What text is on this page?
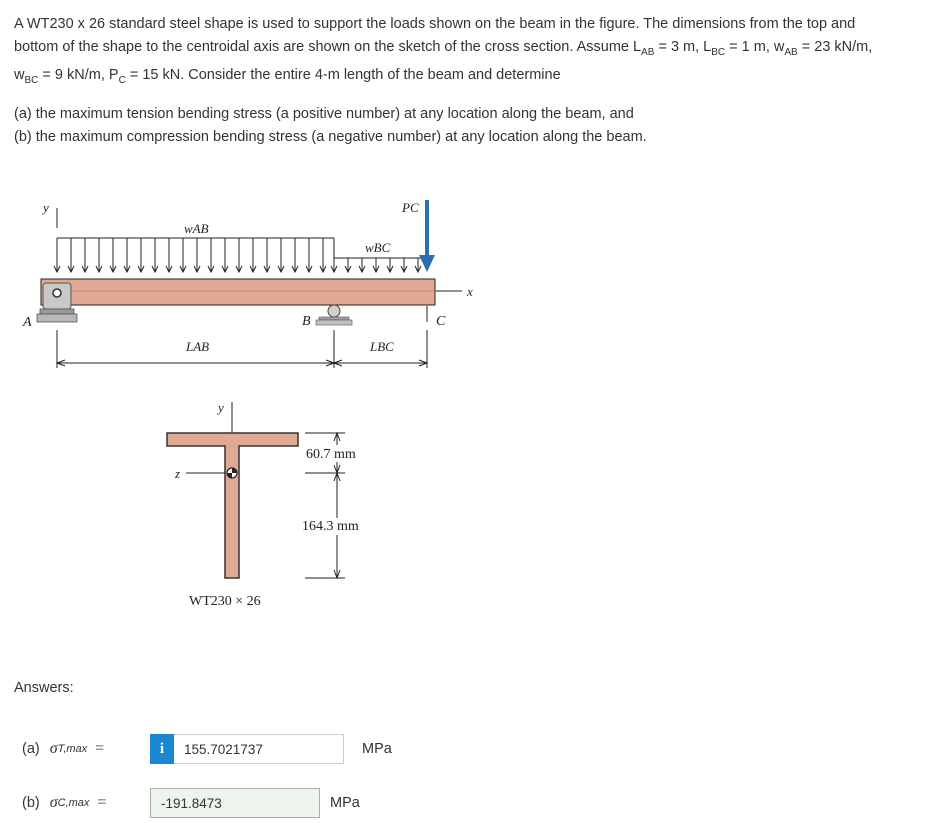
A WT230 x 26 standard steel shape is used to support the loads shown on the beam in the figure. The dimensions from the top and

bottom of the shape to the centroidal axis are shown on the sketch of the cross section. Assume $L_{AB} = 3$ m, $L_{BC} = 1$ m, $w_{AB} = 23$ kN/m,

$w_{BC} = 9$ kN/m, $P_C = 15$ kN. Consider the entire 4-m length of the beam and determine

(a) the maximum tension bending stress (a positive number) at any location along the beam, and
(b) the maximum compression bending stress (a negative number) at any location along the beam.
y
wAB
wBC
PC
x
A	B	C
LAB	LBC
y
z
60.7 mm
164.3 mm
WT230 × 26
Answers:
(a) σ T,max =	i	155.7021737	MPa
(b) σ C,max =	-191.8473	MPa
